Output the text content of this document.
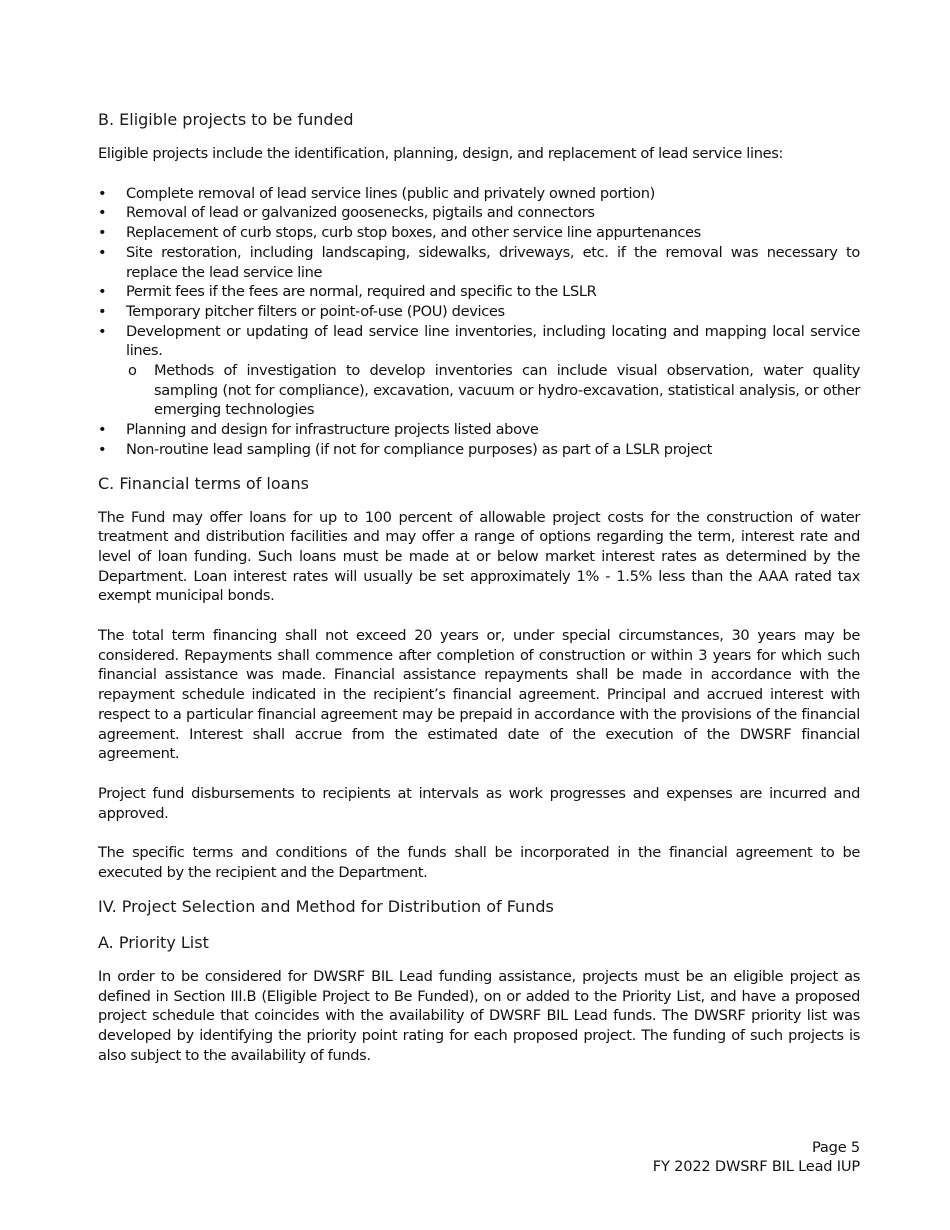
B. Eligible projects to be funded

Eligible projects include the identification, planning, design, and replacement of lead service lines:

• Complete removal of lead service lines (public and privately owned portion)
• Removal of lead or galvanized goosenecks, pigtails and connectors
• Replacement of curb stops, curb stop boxes, and other service line appurtenances
• Site restoration, including landscaping, sidewalks, driveways, etc. if the removal was necessary to replace the lead service line
• Permit fees if the fees are normal, required and specific to the LSLR
• Temporary pitcher filters or point-of-use (POU) devices
• Development or updating of lead service line inventories, including locating and mapping local service lines.
o Methods of investigation to develop inventories can include visual observation, water quality sampling (not for compliance), excavation, vacuum or hydro-excavation, statistical analysis, or other emerging technologies
• Planning and design for infrastructure projects listed above
• Non-routine lead sampling (if not for compliance purposes) as part of a LSLR project
C. Financial terms of loans

The Fund may offer loans for up to 100 percent of allowable project costs for the construction of water treatment and distribution facilities and may offer a range of options regarding the term, interest rate and level of loan funding. Such loans must be made at or below market interest rates as determined by the Department. Loan interest rates will usually be set approximately 1% - 1.5% less than the AAA rated tax exempt municipal bonds.

The total term financing shall not exceed 20 years or, under special circumstances, 30 years may be considered. Repayments shall commence after completion of construction or within 3 years for which such financial assistance was made. Financial assistance repayments shall be made in accordance with the repayment schedule indicated in the recipient’s financial agreement. Principal and accrued interest with respect to a particular financial agreement may be prepaid in accordance with the provisions of the financial agreement. Interest shall accrue from the estimated date of the execution of the DWSRF financial agreement.

Project fund disbursements to recipients at intervals as work progresses and expenses are incurred and approved.

The specific terms and conditions of the funds shall be incorporated in the financial agreement to be executed by the recipient and the Department.

IV. Project Selection and Method for Distribution of Funds
A. Priority List

In order to be considered for DWSRF BIL Lead funding assistance, projects must be an eligible project as defined in Section III.B (Eligible Project to Be Funded), on or added to the Priority List, and have a proposed project schedule that coincides with the availability of DWSRF BIL Lead funds. The DWSRF priority list was developed by identifying the priority point rating for each proposed project. The funding of such projects is also subject to the availability of funds.

Page 5
FY 2022 DWSRF BIL Lead IUP
